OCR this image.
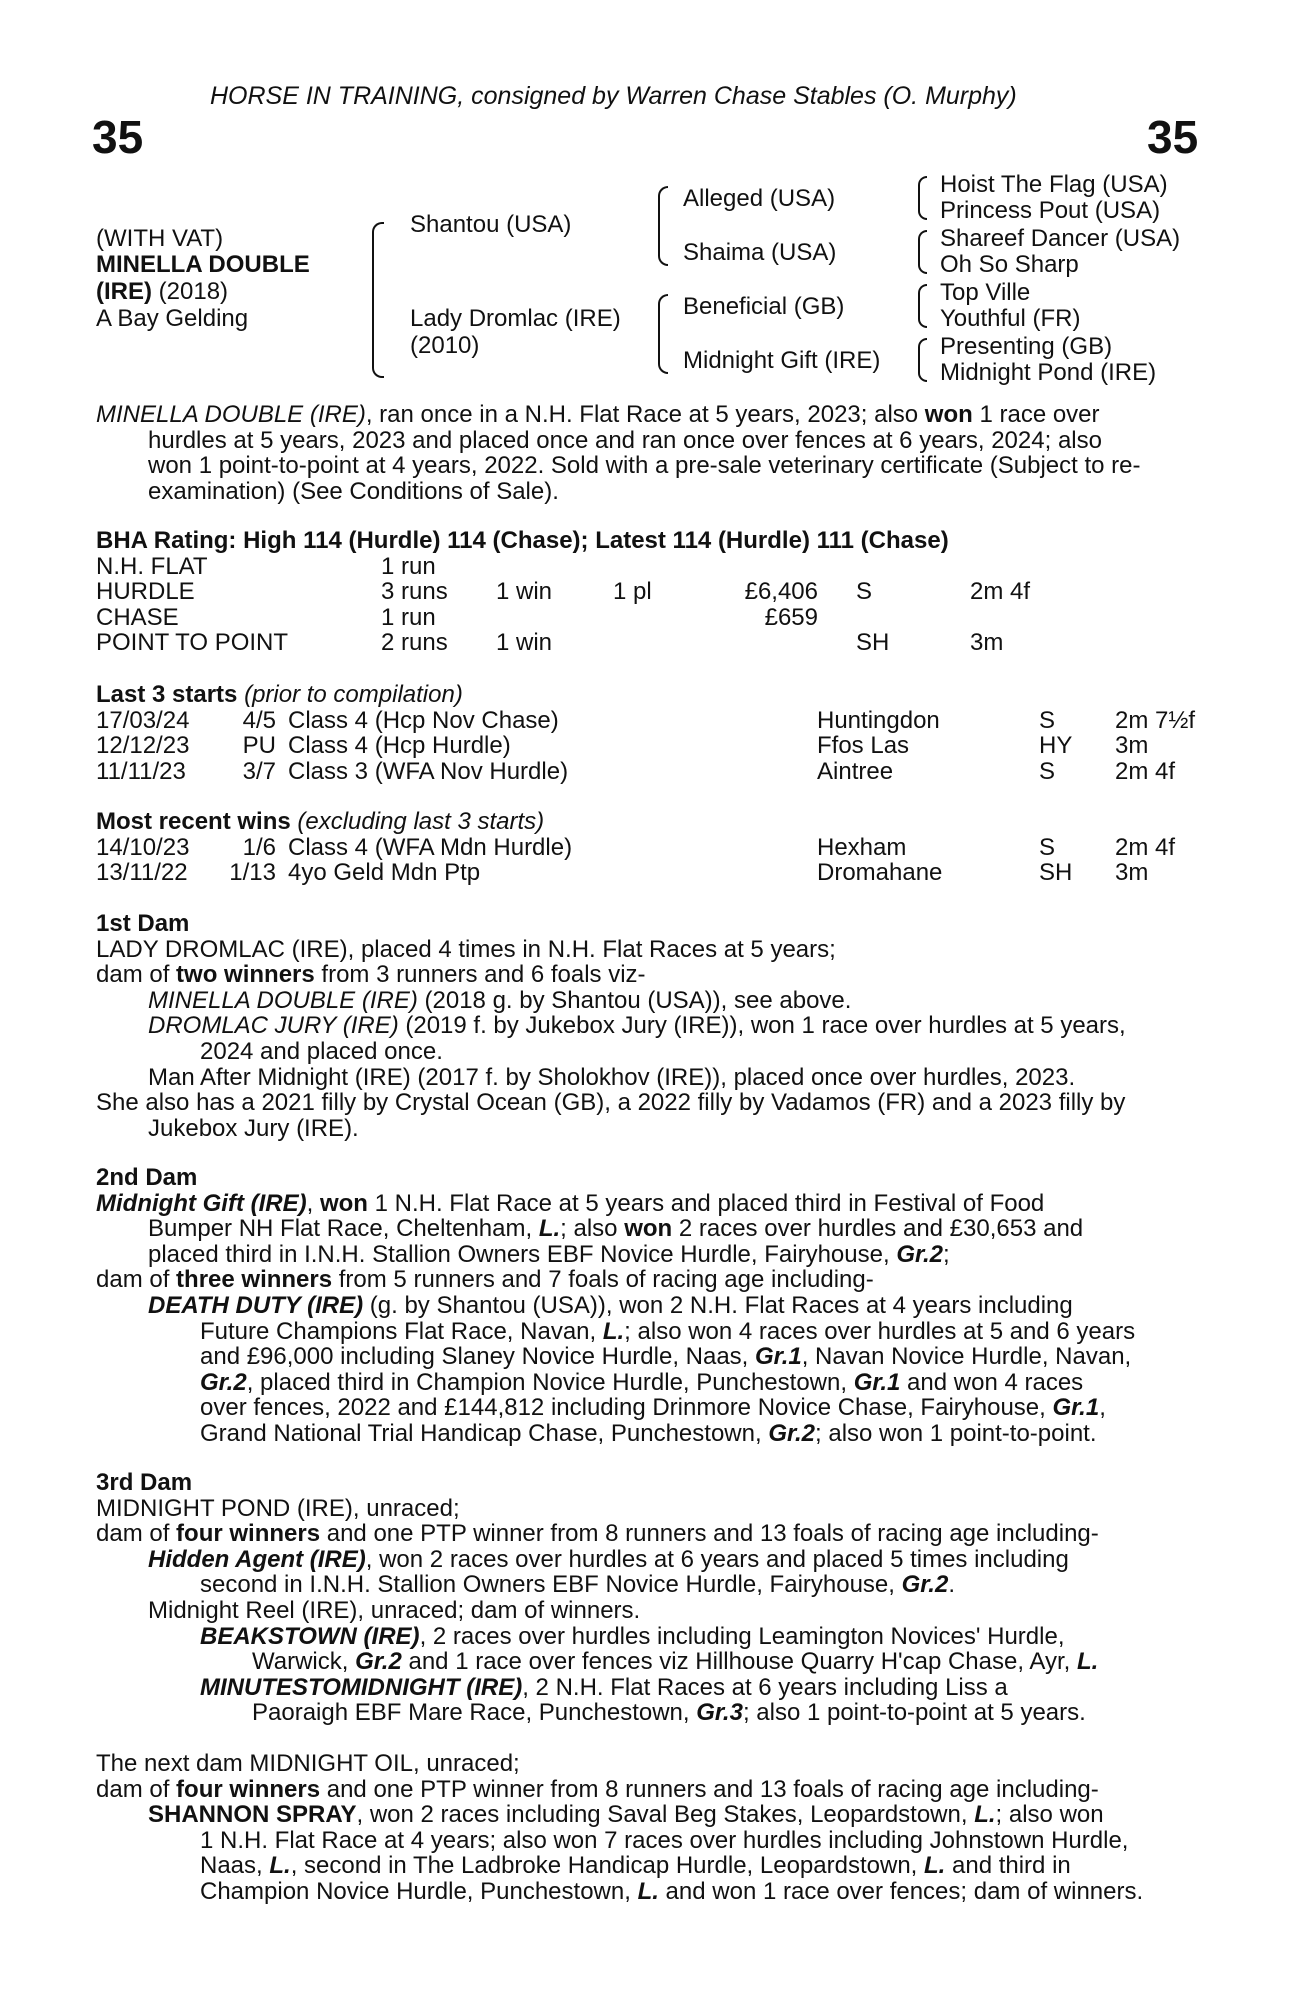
HORSE IN TRAINING, consigned by Warren Chase Stables (O. Murphy)
35	35
(WITH VAT)
MINELLA DOUBLE
(IRE) (2018)
A Bay Gelding
Shantou (USA)
Lady Dromlac (IRE)
(2010)
Alleged (USA)
Shaima (USA)
Beneficial (GB)
Midnight Gift (IRE)
Hoist The Flag (USA)
Princess Pout (USA)
Shareef Dancer (USA)
Oh So Sharp
Top Ville
Youthful (FR)
Presenting (GB)
Midnight Pond (IRE)
MINELLA DOUBLE (IRE), ran once in a N.H. Flat Race at 5 years, 2023; also won 1 race over
hurdles at 5 years, 2023 and placed once and ran once over fences at 6 years, 2024; also
won 1 point-to-point at 4 years, 2022. Sold with a pre-sale veterinary certificate (Subject to re-
examination) (See Conditions of Sale).
BHA Rating: High 114 (Hurdle) 114 (Chase); Latest 114 (Hurdle) 111 (Chase)
N.H. FLAT	1 run
HURDLE	3 runs 1 win	1 pl	£6,406 S	2m 4f
CHASE	1 run	£659
POINT TO POINT	2 runs 1 win	SH	3m
Last 3 starts (prior to compilation)
17/03/24 4/5 Class 4 (Hcp Nov Chase)	Huntingdon	S 2m 7½f
12/12/23 PU Class 4 (Hcp Hurdle)	Ffos Las	HY 3m
11/11/23 3/7 Class 3 (WFA Nov Hurdle)	Aintree	S 2m 4f
Most recent wins (excluding last 3 starts)
14/10/23 1/6 Class 4 (WFA Mdn Hurdle)	Hexham	S 2m 4f
13/11/22 1/13 4yo Geld Mdn Ptp	Dromahane	SH 3m
1st Dam
LADY DROMLAC (IRE), placed 4 times in N.H. Flat Races at 5 years;
dam of two winners from 3 runners and 6 foals viz-
MINELLA DOUBLE (IRE) (2018 g. by Shantou (USA)), see above.
DROMLAC JURY (IRE) (2019 f. by Jukebox Jury (IRE)), won 1 race over hurdles at 5 years,
2024 and placed once.
Man After Midnight (IRE) (2017 f. by Sholokhov (IRE)), placed once over hurdles, 2023.
She also has a 2021 filly by Crystal Ocean (GB), a 2022 filly by Vadamos (FR) and a 2023 filly by
Jukebox Jury (IRE).
2nd Dam
Midnight Gift (IRE), won 1 N.H. Flat Race at 5 years and placed third in Festival of Food
Bumper NH Flat Race, Cheltenham, L.; also won 2 races over hurdles and £30,653 and
placed third in I.N.H. Stallion Owners EBF Novice Hurdle, Fairyhouse, Gr.2;
dam of three winners from 5 runners and 7 foals of racing age including-
DEATH DUTY (IRE) (g. by Shantou (USA)), won 2 N.H. Flat Races at 4 years including
Future Champions Flat Race, Navan, L.; also won 4 races over hurdles at 5 and 6 years
and £96,000 including Slaney Novice Hurdle, Naas, Gr.1, Navan Novice Hurdle, Navan,
Gr.2, placed third in Champion Novice Hurdle, Punchestown, Gr.1 and won 4 races
over fences, 2022 and £144,812 including Drinmore Novice Chase, Fairyhouse, Gr.1,
Grand National Trial Handicap Chase, Punchestown, Gr.2; also won 1 point-to-point.
3rd Dam
MIDNIGHT POND (IRE), unraced;
dam of four winners and one PTP winner from 8 runners and 13 foals of racing age including-
Hidden Agent (IRE), won 2 races over hurdles at 6 years and placed 5 times including
second in I.N.H. Stallion Owners EBF Novice Hurdle, Fairyhouse, Gr.2.
Midnight Reel (IRE), unraced; dam of winners.
BEAKSTOWN (IRE), 2 races over hurdles including Leamington Novices' Hurdle,
Warwick, Gr.2 and 1 race over fences viz Hillhouse Quarry H'cap Chase, Ayr, L.
MINUTESTOMIDNIGHT (IRE), 2 N.H. Flat Races at 6 years including Liss a
Paoraigh EBF Mare Race, Punchestown, Gr.3; also 1 point-to-point at 5 years.
The next dam MIDNIGHT OIL, unraced;
dam of four winners and one PTP winner from 8 runners and 13 foals of racing age including-
SHANNON SPRAY, won 2 races including Saval Beg Stakes, Leopardstown, L.; also won
1 N.H. Flat Race at 4 years; also won 7 races over hurdles including Johnstown Hurdle,
Naas, L., second in The Ladbroke Handicap Hurdle, Leopardstown, L. and third in
Champion Novice Hurdle, Punchestown, L. and won 1 race over fences; dam of winners.
